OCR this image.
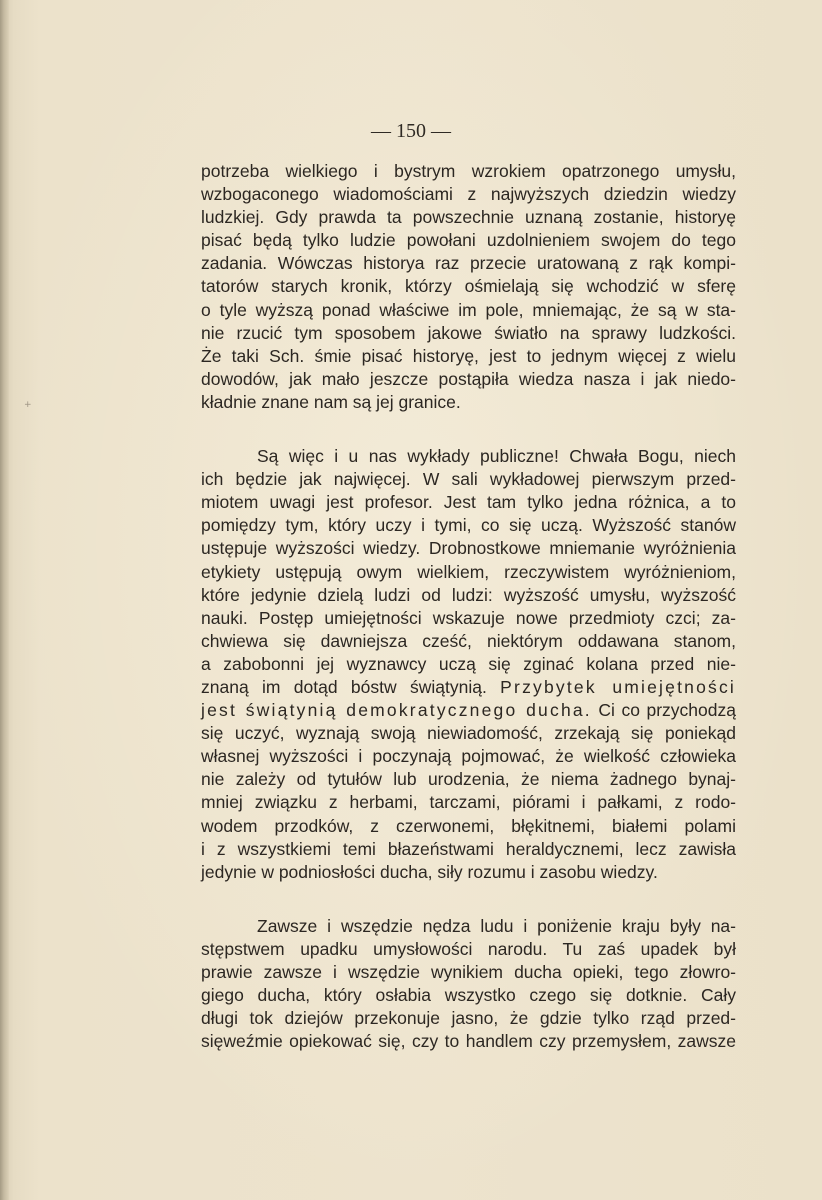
+
— 150 —
potrzeba wielkiego i bystrym wzrokiem opatrzonego umysłu,
wzbogaconego wiadomościami z najwyższych dziedzin wiedzy
ludzkiej. Gdy prawda ta powszechnie uznaną zostanie, historyę
pisać będą tylko ludzie powołani uzdolnieniem swojem do tego
zadania. Wówczas historya raz przecie uratowaną z rąk kompi-
tatorów starych kronik, którzy ośmielają się wchodzić w sferę
o tyle wyższą ponad właściwe im pole, mniemając, że są w sta-
nie rzucić tym sposobem jakowe światło na sprawy ludzkości.
Że taki Sch. śmie pisać historyę, jest to jednym więcej z wielu
dowodów, jak mało jeszcze postąpiła wiedza nasza i jak niedo-
kładnie znane nam są jej granice.
Są więc i u nas wykłady publiczne! Chwała Bogu, niech
ich będzie jak najwięcej. W sali wykładowej pierwszym przed-
miotem uwagi jest profesor. Jest tam tylko jedna różnica, a to
pomiędzy tym, który uczy i tymi, co się uczą. Wyższość stanów
ustępuje wyższości wiedzy. Drobnostkowe mniemanie wyróżnienia
etykiety ustępują owym wielkiem, rzeczywistem wyróżnieniom,
które jedynie dzielą ludzi od ludzi: wyższość umysłu, wyższość
nauki. Postęp umiejętności wskazuje nowe przedmioty czci; za-
chwiewa się dawniejsza cześć, niektórym oddawana stanom,
a zabobonni jej wyznawcy uczą się zginać kolana przed nie-
znaną im dotąd bóstw świątynią. Przybytek umiejętności
jest świątynią demokratycznego ducha. Ci co przychodzą
się uczyć, wyznają swoją niewiadomość, zrzekają się poniekąd
własnej wyższości i poczynają pojmować, że wielkość człowieka
nie zależy od tytułów lub urodzenia, że niema żadnego bynaj-
mniej związku z herbami, tarczami, piórami i pałkami, z rodo-
wodem przodków, z czerwonemi, błękitnemi, białemi polami
i z wszystkiemi temi błazeństwami heraldycznemi, lecz zawisła
jedynie w podniosłości ducha, siły rozumu i zasobu wiedzy.
Zawsze i wszędzie nędza ludu i poniżenie kraju były na-
stępstwem upadku umysłowości narodu. Tu zaś upadek był
prawie zawsze i wszędzie wynikiem ducha opieki, tego złowro-
giego ducha, który osłabia wszystko czego się dotknie. Cały
długi tok dziejów przekonuje jasno, że gdzie tylko rząd przed-
sięweźmie opiekować się, czy to handlem czy przemysłem, zawsze
